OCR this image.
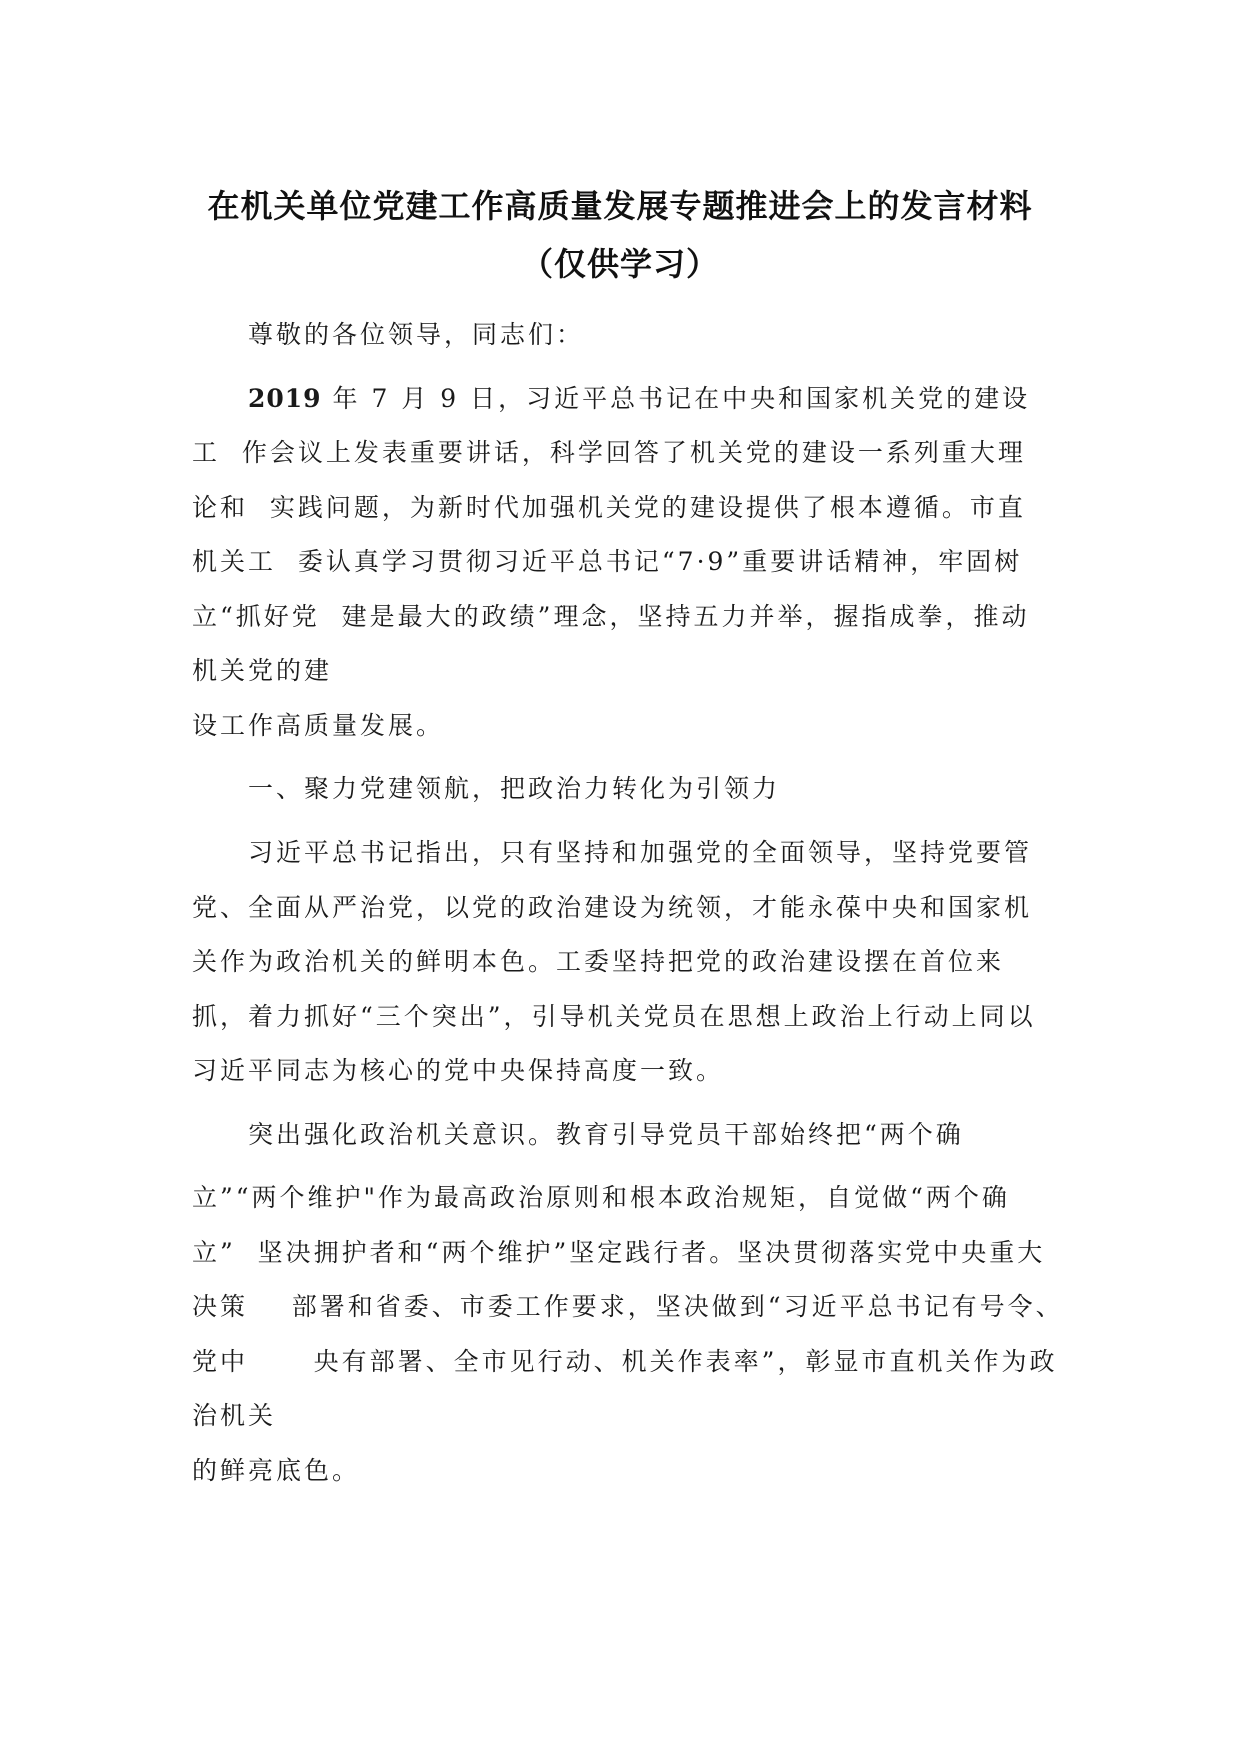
在机关单位党建工作高质量发展专题推进会上的发言材料
（仅供学习）
尊敬的各位领导，同志们：
2019 年 7 月 9 日，习近平总书记在中央和国家机关党的建设
工  作会议上发表重要讲话，科学回答了机关党的建设一系列重大理
论和  实践问题，为新时代加强机关党的建设提供了根本遵循。市直
机关工  委认真学习贯彻习近平总书记“7·9”重要讲话精神，牢固树
立“抓好党  建是最大的政绩”理念，坚持五力并举，握指成拳，推动
机关党的建
设工作高质量发展。
一、聚力党建领航，把政治力转化为引领力
习近平总书记指出，只有坚持和加强党的全面领导，坚持党要管
党、全面从严治党，以党的政治建设为统领，才能永葆中央和国家机
关作为政治机关的鲜明本色。工委坚持把党的政治建设摆在首位来
抓，着力抓好“三个突出”，引导机关党员在思想上政治上行动上同以
习近平同志为核心的党中央保持高度一致。
突出强化政治机关意识。教育引导党员干部始终把“两个确
立”“两个维护"作为最高政治原则和根本政治规矩，自觉做“两个确
立”  坚决拥护者和“两个维护”坚定践行者。坚决贯彻落实党中央重大
决策    部署和省委、市委工作要求，坚决做到“习近平总书记有号令、
党中      央有部署、全市见行动、机关作表率”，彰显市直机关作为政
治机关
的鲜亮底色。
